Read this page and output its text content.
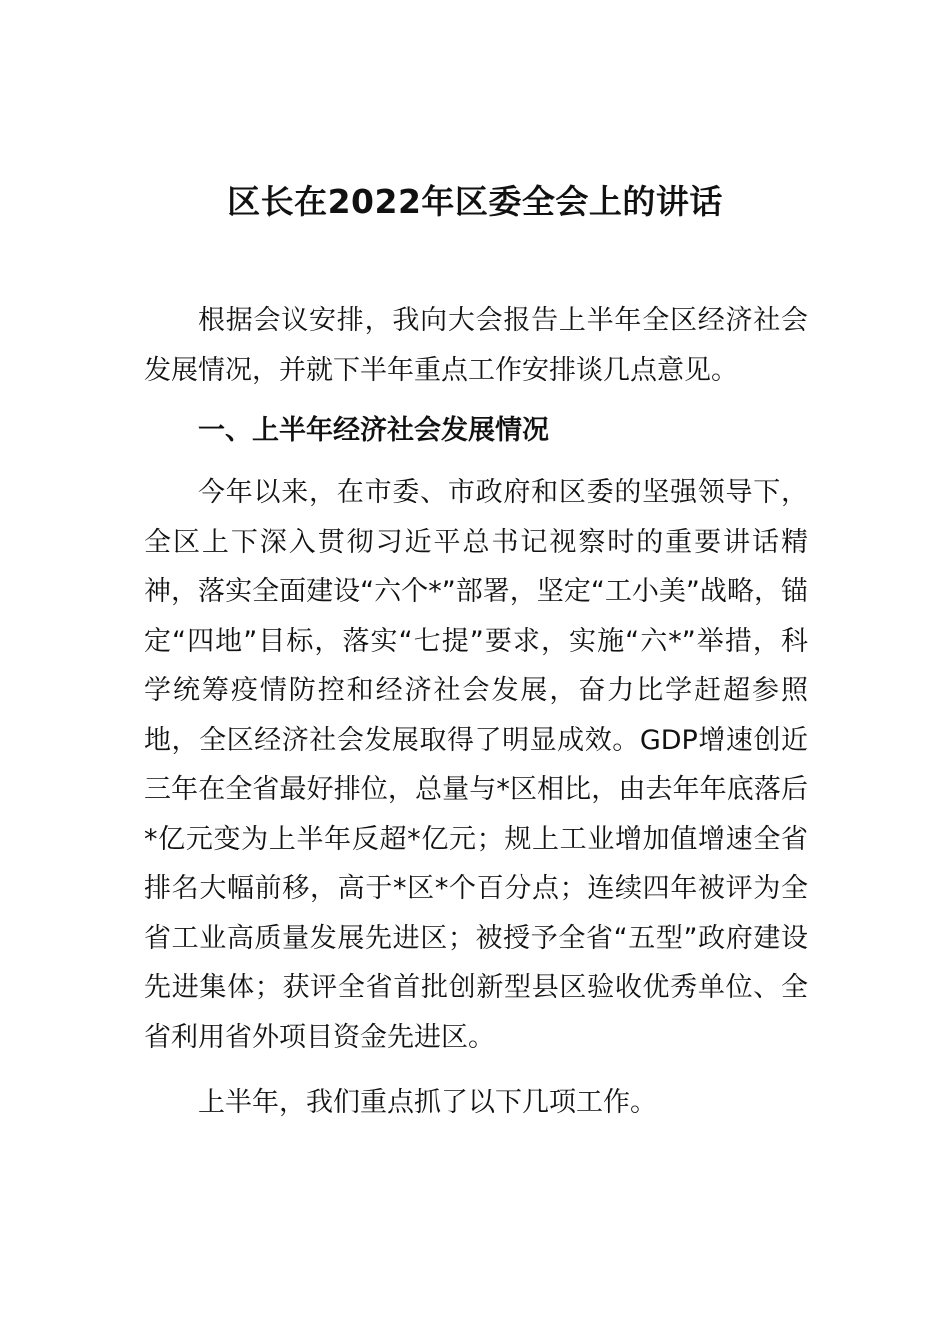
区长在2022年区委全会上的讲话

根据会议安排，我向大会报告上半年全区经济社会发展情况，并就下半年重点工作安排谈几点意见。

一、上半年经济社会发展情况

今年以来，在市委、市政府和区委的坚强领导下，全区上下深入贯彻习近平总书记视察时的重要讲话精神，落实全面建设“六个*”部署，坚定“工小美”战略，锚定“四地”目标，落实“七提”要求，实施“六*”举措，科学统筹疫情防控和经济社会发展，奋力比学赶超参照地，全区经济社会发展取得了明显成效。GDP增速创近三年在全省最好排位，总量与*区相比，由去年年底落后*亿元变为上半年反超*亿元；规上工业增加值增速全省排名大幅前移，高于*区*个百分点；连续四年被评为全省工业高质量发展先进区；被授予全省“五型”政府建设先进集体；获评全省首批创新型县区验收优秀单位、全省利用省外项目资金先进区。

上半年，我们重点抓了以下几项工作。
